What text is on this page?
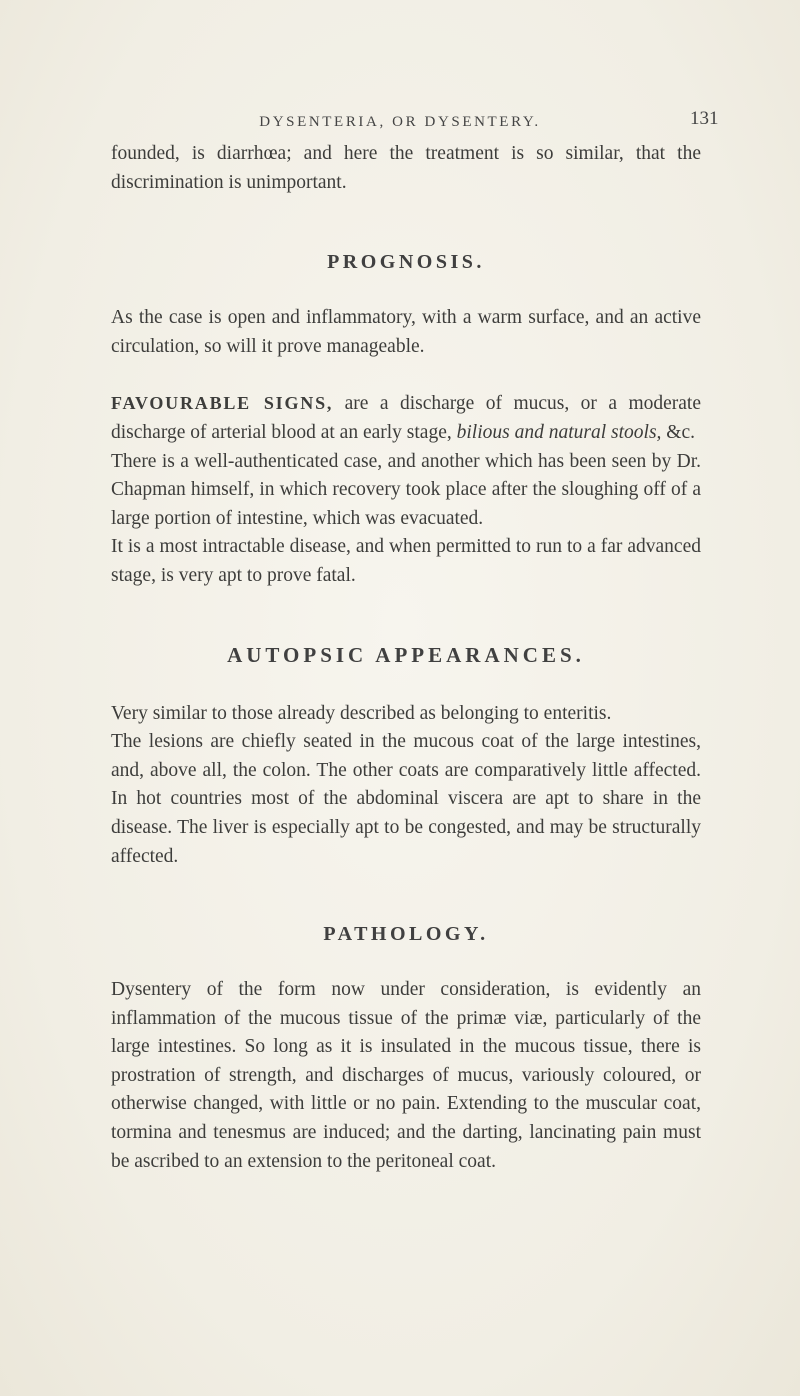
DYSENTERIA, OR DYSENTERY.	131

founded, is diarrhœa; and here the treatment is so similar, that the discrimination is unimportant.

PROGNOSIS.

As the case is open and inflammatory, with a warm surface, and an active circulation, so will it prove manageable.

FAVOURABLE SIGNS, are a discharge of mucus, or a moderate discharge of arterial blood at an early stage, bilious and natural stools, &c.

There is a well-authenticated case, and another which has been seen by Dr. Chapman himself, in which recovery took place after the sloughing off of a large portion of intestine, which was evacuated.

It is a most intractable disease, and when permitted to run to a far advanced stage, is very apt to prove fatal.

AUTOPSIC APPEARANCES.

Very similar to those already described as belonging to enteritis.

The lesions are chiefly seated in the mucous coat of the large intestines, and, above all, the colon. The other coats are comparatively little affected. In hot countries most of the abdominal viscera are apt to share in the disease. The liver is especially apt to be congested, and may be structurally affected.

PATHOLOGY.

Dysentery of the form now under consideration, is evidently an inflammation of the mucous tissue of the primæ viæ, particularly of the large intestines. So long as it is insulated in the mucous tissue, there is prostration of strength, and discharges of mucus, variously coloured, or otherwise changed, with little or no pain. Extending to the muscular coat, tormina and tenesmus are induced; and the darting, lancinating pain must be ascribed to an extension to the peritoneal coat.
